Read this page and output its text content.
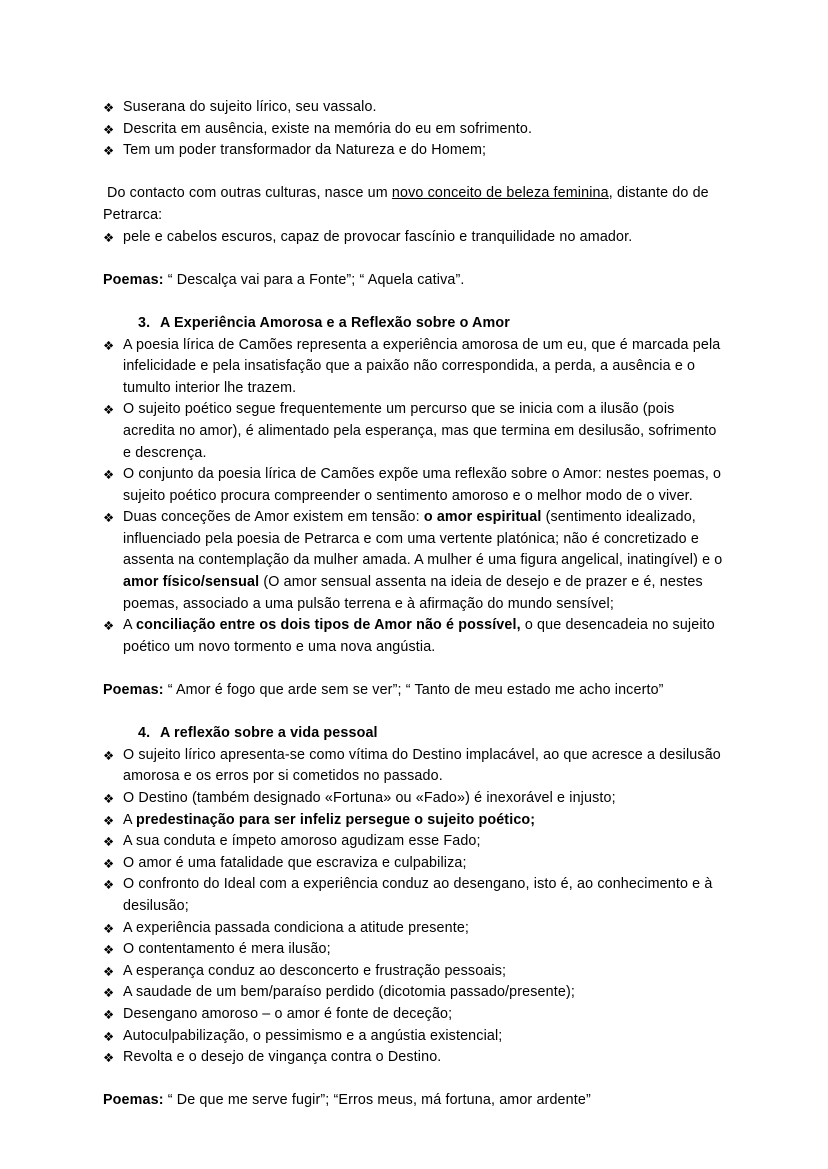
❖ Suserana do sujeito lírico, seu vassalo.
❖ Descrita em ausência, existe na memória do eu em sofrimento.
❖ Tem um poder transformador da Natureza e do Homem;

Do contacto com outras culturas, nasce um novo conceito de beleza feminina, distante do de Petrarca:

❖ pele e cabelos escuros, capaz de provocar fascínio e tranquilidade no amador.

Poemas: “ Descalça vai para a Fonte”; “ Aquela cativa”.

3. A Experiência Amorosa e a Reflexão sobre o Amor

❖ A poesia lírica de Camões representa a experiência amorosa de um eu, que é marcada pela infelicidade e pela insatisfação que a paixão não correspondida, a perda, a ausência e o tumulto interior lhe trazem.
❖ O sujeito poético segue frequentemente um percurso que se inicia com a ilusão (pois acredita no amor), é alimentado pela esperança, mas que termina em desilusão, sofrimento e descrença.
❖ O conjunto da poesia lírica de Camões expõe uma reflexão sobre o Amor: nestes poemas, o sujeito poético procura compreender o sentimento amoroso e o melhor modo de o viver.
❖ Duas conceções de Amor existem em tensão: o amor espiritual (sentimento idealizado, influenciado pela poesia de Petrarca e com uma vertente platónica; não é concretizado e assenta na contemplação da mulher amada. A mulher é uma figura angelical, inatingível) e o amor físico/sensual (O amor sensual assenta na ideia de desejo e de prazer e é, nestes poemas, associado a uma pulsão terrena e à afirmação do mundo sensível;
❖ A conciliação entre os dois tipos de Amor não é possível, o que desencadeia no sujeito poético um novo tormento e uma nova angústia.

Poemas: “ Amor é fogo que arde sem se ver”; “ Tanto de meu estado me acho incerto”

4. A reflexão sobre a vida pessoal

❖ O sujeito lírico apresenta-se como vítima do Destino implacável, ao que acresce a desilusão amorosa e os erros por si cometidos no passado.
❖ O Destino (também designado «Fortuna» ou «Fado») é inexorável e injusto;
❖ A predestinação para ser infeliz persegue o sujeito poético;
❖ A sua conduta e ímpeto amoroso agudizam esse Fado;
❖ O amor é uma fatalidade que escraviza e culpabiliza;
❖ O confronto do Ideal com a experiência conduz ao desengano, isto é, ao conhecimento e à desilusão;
❖ A experiência passada condiciona a atitude presente;
❖ O contentamento é mera ilusão;
❖ A esperança conduz ao desconcerto e frustração pessoais;
❖ A saudade de um bem/paraíso perdido (dicotomia passado/presente);
❖ Desengano amoroso – o amor é fonte de deceção;
❖ Autoculpabilização, o pessimismo e a angústia existencial;
❖ Revolta e o desejo de vingança contra o Destino.

Poemas: “ De que me serve fugir”; “Erros meus, má fortuna, amor ardente”
